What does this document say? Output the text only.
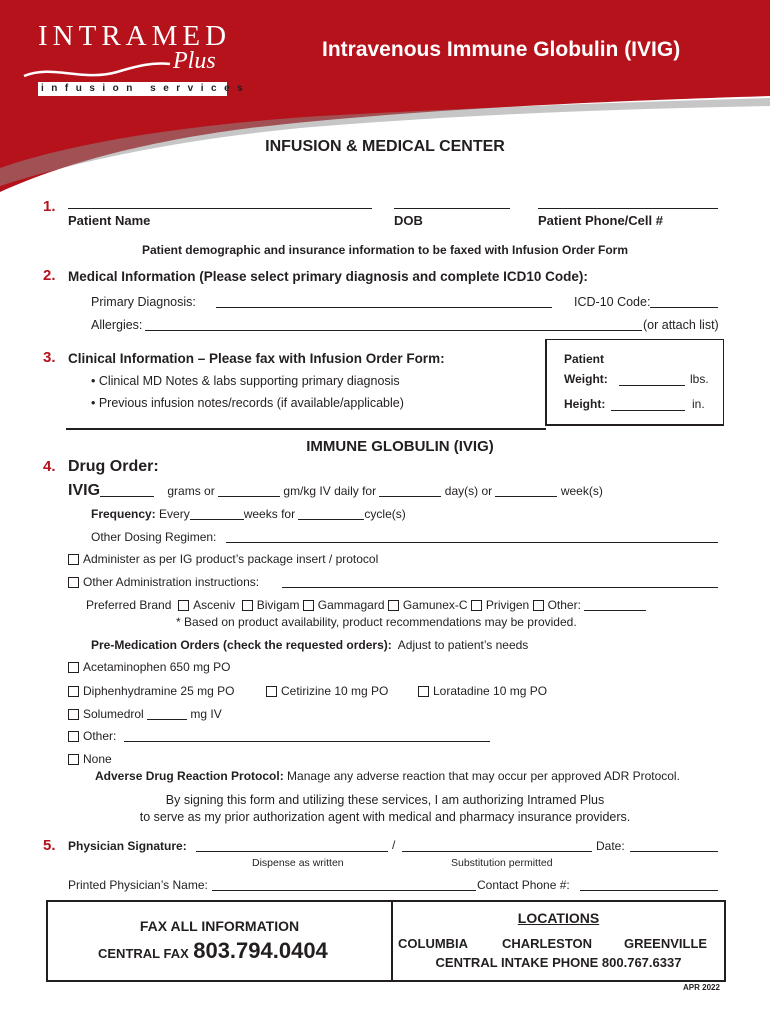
INTRAMED
Plus
infusion services
Intravenous Immune Globulin (IVIG)
INFUSION & MEDICAL CENTER
1.
Patient Name	DOB	Patient Phone/Cell #
Patient demographic and insurance information to be faxed with Infusion Order Form
2. Medical Information (Please select primary diagnosis and complete ICD10 Code):
Primary Diagnosis:	ICD-10 Code:
Allergies:	(or attach list)
3. Clinical Information – Please fax with Infusion Order Form:
• Clinical MD Notes & labs supporting primary diagnosis
• Previous infusion notes/records (if available/applicable)
Patient
Weight:	lbs.
Height:	in.
IMMUNE GLOBULIN (IVIG)
4. Drug Order:
IVIG	grams or	gm/kg IV daily for	day(s) or	week(s)
Frequency: Every	weeks for	cycle(s)
Other Dosing Regimen:
Administer as per IG product’s package insert / protocol
Other Administration instructions:
Preferred Brand Asceniv Bivigam Gammagard Gamunex-C Privigen Other:
* Based on product availability, product recommendations may be provided.
Pre-Medication Orders (check the requested orders): Adjust to patient’s needs
Acetaminophen 650 mg PO
Diphenhydramine 25 mg PO	Cetirizine 10 mg PO	Loratadine 10 mg PO
Solumedrol	mg IV
Other:
None
Adverse Drug Reaction Protocol: Manage any adverse reaction that may occur per approved ADR Protocol.
By signing this form and utilizing these services, I am authorizing Intramed Plus
to serve as my prior authorization agent with medical and pharmacy insurance providers.
5. Physician Signature:	/	Date:
Dispense as written	Substitution permitted
Printed Physician’s Name:	Contact Phone #:
FAX ALL INFORMATION
CENTRAL FAX 803.794.0404
LOCATIONS
COLUMBIA	CHARLESTON GREENVILLE
CENTRAL INTAKE PHONE 800.767.6337
APR 2022
